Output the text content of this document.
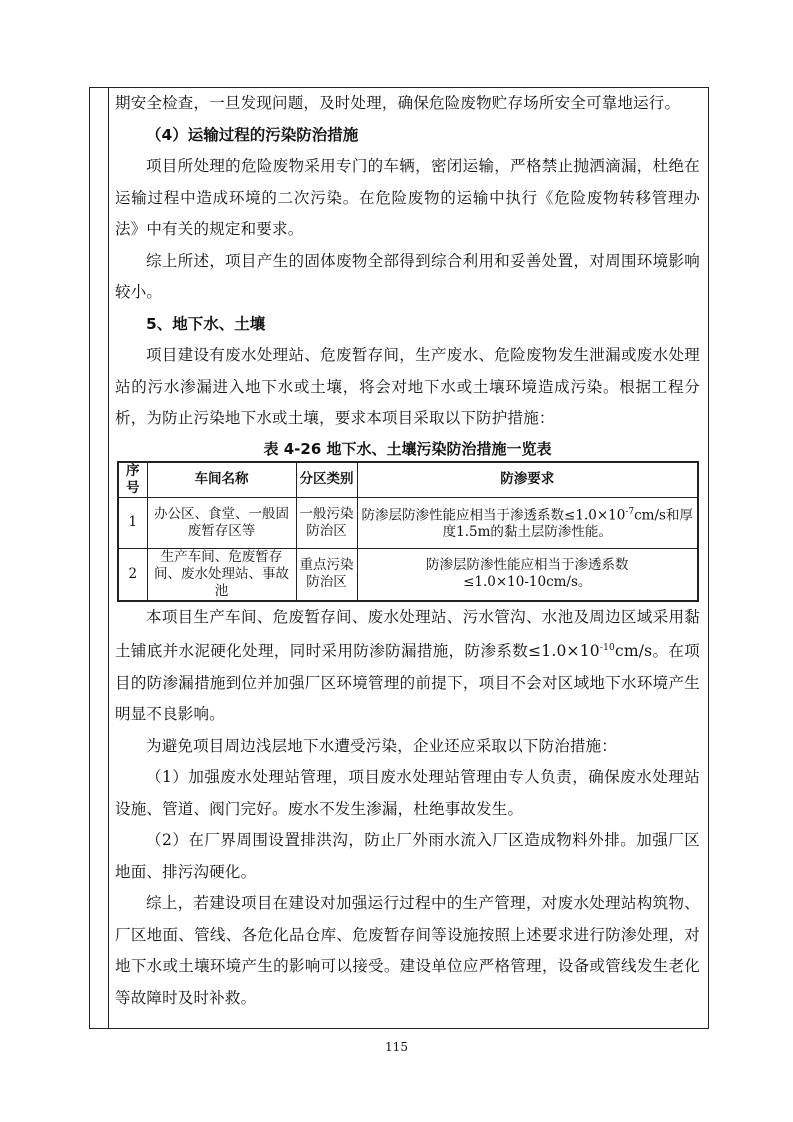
期安全检查，一旦发现问题，及时处理，确保危险废物贮存场所安全可靠地运行。

（4）运输过程的污染防治措施

项目所处理的危险废物采用专门的车辆，密闭运输，严格禁止抛洒滴漏，杜绝在运输过程中造成环境的二次污染。在危险废物的运输中执行《危险废物转移管理办法》中有关的规定和要求。

综上所述，项目产生的固体废物全部得到综合利用和妥善处置，对周围环境影响较小。

5、地下水、土壤

项目建设有废水处理站、危废暂存间，生产废水、危险废物发生泄漏或废水处理站的污水渗漏进入地下水或土壤，将会对地下水或土壤环境造成污染。根据工程分析，为防止污染地下水或土壤，要求本项目采取以下防护措施：

表 4-26 地下水、土壤污染防治措施一览表
序号	车间名称	分区类别	防渗要求
1	办公区、食堂、一般固废暂存区等	一般污染防治区	防渗层防渗性能应相当于渗透系数$\le 1.0\times 10^{-7}cm/s$和厚度1.5m的黏土层防渗性能。
2	生产车间、危废暂存间、废水处理站、事故池	重点污染防治区	防渗层防渗性能应相当于渗透系数
≤1.0×10-10cm/s。

本项目生产车间、危废暂存间、废水处理站、污水管沟、水池及周边区域采用黏土铺底并水泥硬化处理，同时采用防渗防漏措施，防渗系数$\le 1.0\times 10^{-10}cm/s$。在项目的防渗漏措施到位并加强厂区环境管理的前提下，项目不会对区域地下水环境产生明显不良影响。

为避免项目周边浅层地下水遭受污染，企业还应采取以下防治措施：

（1）加强废水处理站管理，项目废水处理站管理由专人负责，确保废水处理站设施、管道、阀门完好。废水不发生渗漏，杜绝事故发生。

（2）在厂界周围设置排洪沟，防止厂外雨水流入厂区造成物料外排。加强厂区地面、排污沟硬化。

综上，若建设项目在建设对加强运行过程中的生产管理，对废水处理站构筑物、厂区地面、管线、各危化品仓库、危废暂存间等设施按照上述要求进行防渗处理，对地下水或土壤环境产生的影响可以接受。建设单位应严格管理，设备或管线发生老化等故障时及时补救。

115
